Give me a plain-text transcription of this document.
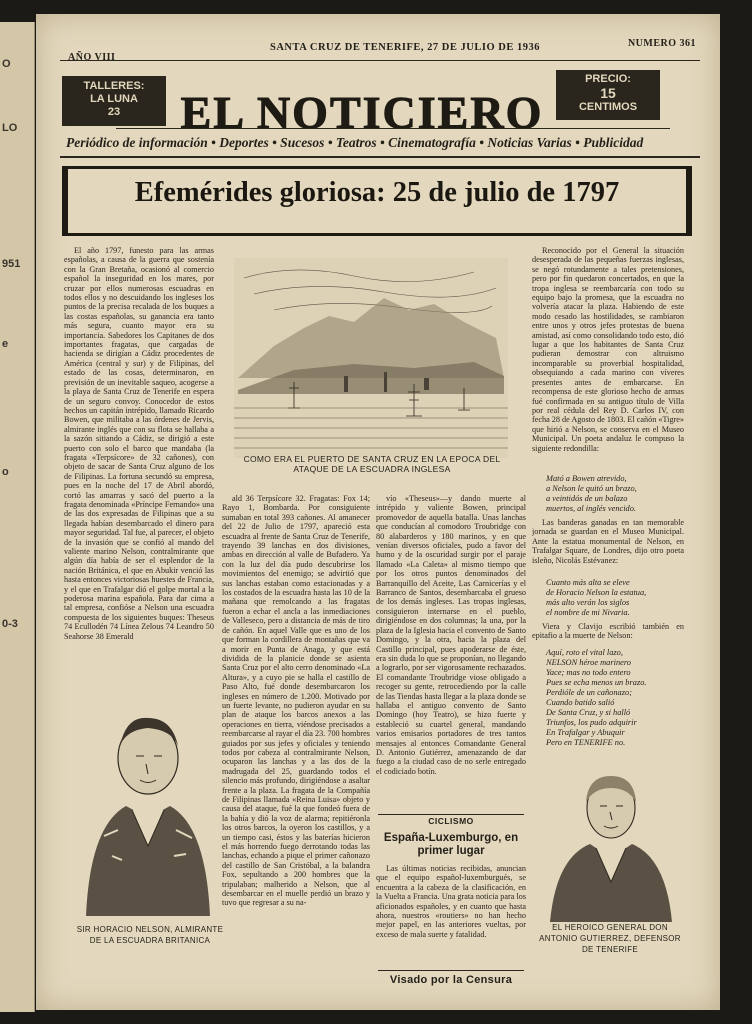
O
LO
951
e
o
0-3
AÑO VIII
SANTA CRUZ DE TENERIFE, 27 DE JULIO DE 1936	NUMERO 361
TALLERES:
LA LUNA
23	EL NOTICIERO
PRECIO:
15
CENTIMOS
Periódico de información • Deportes • Sucesos • Teatros • Cinematografía • Noticias Varias • Publicidad
Efemérides gloriosa: 25 de julio de 1797

El año 1797, funesto para las armas españolas, a causa de la guerra que sostenía con la Gran Bretaña, ocasionó al comercio español la inseguridad en los mares, por cruzar por ellos numerosas escuadras en todos ellos y no descuidando los ingleses los puntos de la precisa recalada de los buques a las costas españolas, su ganancia era tanto más segura, cuanto mayor era su importancia. Sabedores los Capitanes de dos importantes fragatas, que cargadas de hacienda se dirigían a Cádiz procedentes de América (central y sur) y de Filipinas, del estado de las cosas, determinaron, en previsión de un inevitable saqueo, acogerse a la playa de Santa Cruz de Tenerife en espera de un seguro convoy. Conocedor de estos hechos un capitán intrépido, llamado Ricardo Bowen, que militaba a las órdenes de Jervis, almirante inglés que con su flota se hallaba a la sazón sitiando a Cádiz, se dirigió a este puerto con solo el barco que mandaba (la fragata «Terpsícore» de 32 cañones), con objeto de sacar de Santa Cruz alguno de los de Filipinas. La fortuna secundó su empresa, pues en la noche del 17 de Abril abordó, cortó las amarras y sacó del puerto a la fragata denominada «Príncipe Fernando» una de las dos expresadas de Filipinas que a su llegada habían desembarcado el dinero para mayor seguridad. Tal fue, al parecer, el objeto de la invasión que se confió al mando del valiente marino Nelson, contralmirante que algún día había de ser el esplendor de la nación Británica, el que en Abukir venció las hasta entonces victoriosas huestes de Francia, y el que en Trafalgar dió el golpe mortal a la poderosa marina española. Para dar cima a tal empresa, confióse a Nelson una escuadra compuesta de los siguientes buques: Theseus 74 Ecullodén 74 Línea Zelous 74 Leandro 50 Seahorse 38 Emerald

COMO ERA EL PUERTO DE SANTA CRUZ EN LA EPOCA DEL ATAQUE DE LA ESCUADRA INGLESA

ald 36 Terpsícore 32. Fragatas: Fox 14; Rayo 1, Bombarda. Por consiguiente sumaban en total 393 cañones. Al amanecer del 22 de Julio de 1797, apareció esta escuadra al frente de Santa Cruz de Tenerife, trayendo 39 lanchas en dos divisiones, ambas en dirección al valle de Bufadero. Ya con la luz del día pudo descubrirse los movimientos del enemigo; se advirtió que sus lanchas estaban como estacionadas y a los costados de la escuadra hasta las 10 de la mañana que remolcando a las fragatas fueron a echar el ancla a las inmediaciones de Valleseco, pero a distancia de más de tiro de cañón. En aquel Valle que es uno de los que forman la cordillera de montañas que va a morir en Punta de Anaga, y que está dividida de la planicie donde se asienta Santa Cruz por el alto cerro denominado «La Altura», y a cuyo pie se halla el castillo de Paso Alto, fué donde desembarcaron los ingleses en número de 1.200. Motivado por un fuerte levante, no pudieron ayudar en su plan de ataque los barcos anexos a las operaciones en tierra, viéndose precisados a reembarcarse al rayar el día 23. 700 hombres guiados por sus jefes y oficiales y teniendo todos por cabeza al contralmirante Nelson, ocuparon las lanchas y a las dos de la madrugada del 25, guardando todos el silencio más profundo, dirigiéndose a asaltar frente a la plaza. La fragata de la Compañía de Filipinas llamada «Reina Luisa» objeto y causa del ataque, fué la que fondeó fuera de la bahía y dió la voz de alarma; repitiéronla los otros barcos, la oyeron los castillos, y a un tiempo casi, éstos y las baterías hicieron el más horrendo fuego derrotando todas las lanchas, echando a pique el primer cañonazo del castillo de San Cristóbal, a la balandra Fox, sepultando a 200 hombres que la tripulaban; malherido a Nelson, que al desembarcar en el muelle perdió un brazo y tuvo que regresar a su na-

vío «Theseus»—y dando muerte al intrépido y valiente Bowen, principal promovedor de aquella batalla. Unas lanchas que conducían al comodoro Troubridge con 80 alabarderos y 180 marinos, y en que venían diversos oficiales, pudo a favor del humo y de la oscuridad surgir por el paraje llamado «La Caleta» al mismo tiempo que por los otros puntos denominados del Barranquillo del Aceite, Las Carnicerías y el Barranco de Santos, desembarcaba el grueso de los demás ingleses. Las tropas inglesas, consiguieron internarse en el pueblo, dirigiéndose en dos columnas; la una, por la plaza de la Iglesia hacia el convento de Santo Domingo, y la otra, hacia la plaza del Castillo principal, pues apoderarse de éste, era sin duda lo que se proponían, no llegando a lograrlo, por ser vigorosamente rechazados. El comandante Troubridge viose obligado a recoger su gente, retrocediendo por la calle de las Tiendas hasta llegar a la plaza donde se hallaba el antiguo convento de Santo Domingo (hoy Teatro), se hizo fuerte y estableció su cuartel general, mandando varios emisarios portadores de tres tantos mensajes al entonces Comandante General D. Antonio Gutiérrez, amenazando de dar fuego a la ciudad caso de no serle entregado el codiciado botín.

CICLISMO
España-Luxemburgo, en
primer lugar

Las últimas noticias recibidas, anuncian que el equipo español-luxemburgués, se encuentra a la cabeza de la clasificación, en la Vuelta a Francia. Una grata noticia para los aficionados españoles, y en cuanto que hasta ahora, nuestros «routiers» no han hecho mejor papel, en las anteriores vueltas, por exceso de mala suerte y fatalidad.

Visado por la Censura

Reconocido por el General la situación desesperada de las pequeñas fuerzas inglesas, se negó rotundamente a tales pretensiones, pero por fin quedaron concertados, en que la tropa inglesa se reembarcaría con todo su equipo bajo la promesa, que la escuadra no volvería atacar la plaza. Habiendo de este modo cesado las hostilidades, se cambiaron entre unos y otros jefes protestas de buena amistad, así como consolidando todo esto, dió lugar a que los habitantes de Santa Cruz pudieran demostrar con altruismo incomparable su proverbial hospitalidad, obsequiando a cada marino con víveres presentes antes de embarcarse. En recompensa de este glorioso hecho de armas fué confirmada en su antiguo título de Villa por real cédula del Rey D. Carlos IV, con fecha 28 de Agosto de 1803. El cañón «Tigre» que hirió a Nelson, se conserva en el Museo Municipal. Un poeta andaluz le compuso la siguiente redondilla:

Mató a Bowen atrevido,
a Nelson le quitó un brazo,
a veintidós de un balazo
muertos, al inglés vencido.

Las banderas ganadas en tan memorable jornada se guardan en el Museo Municipal. Ante la estatua monumental de Nelson, en Trafalgar Square, de Londres, dijo otro poeta isleño, Nicolás Estévanez:

Cuanto más alta se eleve
de Horacio Nelson la estatua,
más alto verán los siglos
el nombre de mi Nivaria.

Viera y Clavijo escribió también en epitafio a la muerte de Nelson:

Aquí, roto el vital lazo,
NELSON héroe marinero
Yace; mas no todo entero
Pues se echa menos un brazo.
Perdióle de un cañonazo;
Cuando batido salió
De Santa Cruz, y si halló
Triunfos, los pudo adquirir
En Trafalgar y Abuquir
Pero en TENERIFE no.
SIR HORACIO NELSON, ALMIRANTE DE LA ESCUADRA BRITANICA
EL HEROICO GENERAL DON ANTONIO GUTIERREZ, DEFENSOR DE TENERIFE
